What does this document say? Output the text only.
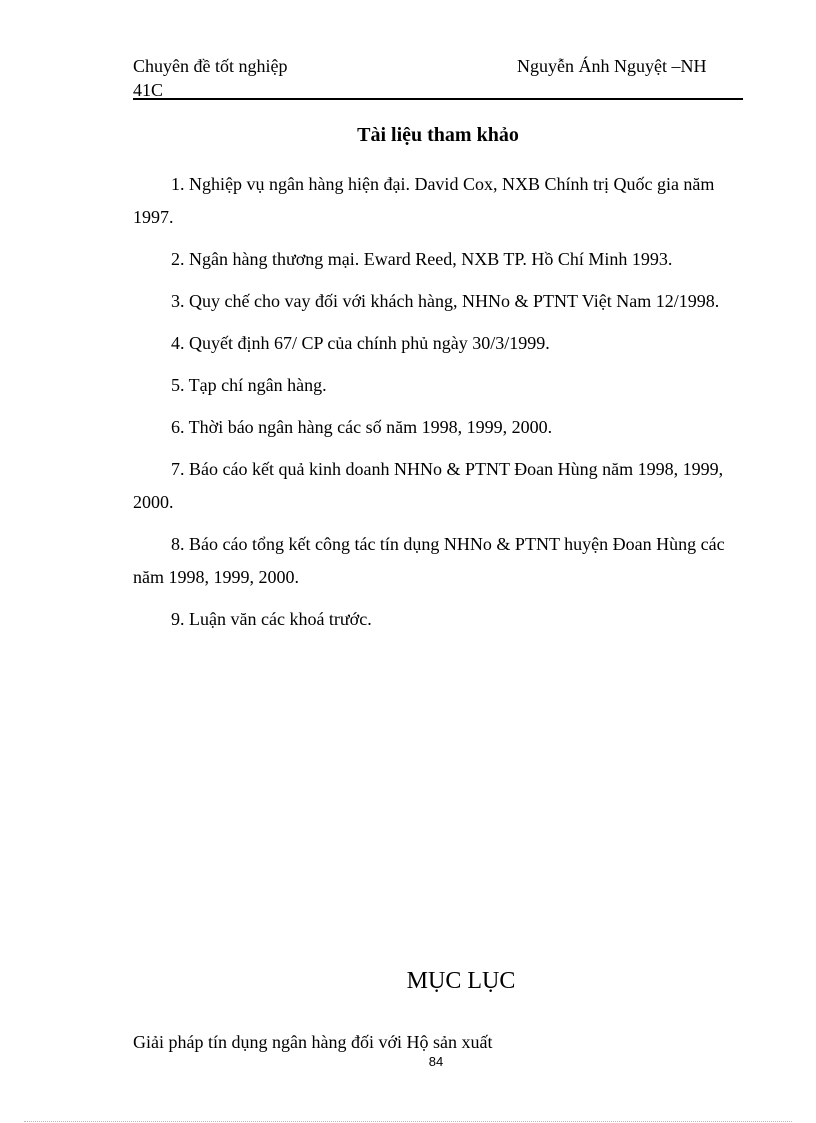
Chuyên đề tốt nghiệp
41C
Nguyễn Ánh Nguyệt –NH
Tài liệu tham khảo
1. Nghiệp vụ ngân hàng hiện đại. David Cox, NXB Chính trị Quốc gia năm 1997.
2. Ngân hàng thương mại. Eward Reed, NXB TP. Hồ Chí Minh 1993.
3. Quy chế cho vay đối với khách hàng, NHNo & PTNT Việt Nam 12/1998.
4. Quyết định 67/ CP của chính phủ ngày 30/3/1999.
5. Tạp chí ngân hàng.
6. Thời báo ngân hàng các số năm 1998, 1999, 2000.
7. Báo cáo kết quả kinh doanh NHNo & PTNT Đoan Hùng năm 1998, 1999, 2000.
8. Báo cáo tổng kết công tác tín dụng NHNo & PTNT huyện Đoan Hùng các năm 1998, 1999, 2000.
9. Luận văn các khoá trước.
MỤC LỤC
Giải pháp tín dụng ngân hàng đối với Hộ sản xuất
84
